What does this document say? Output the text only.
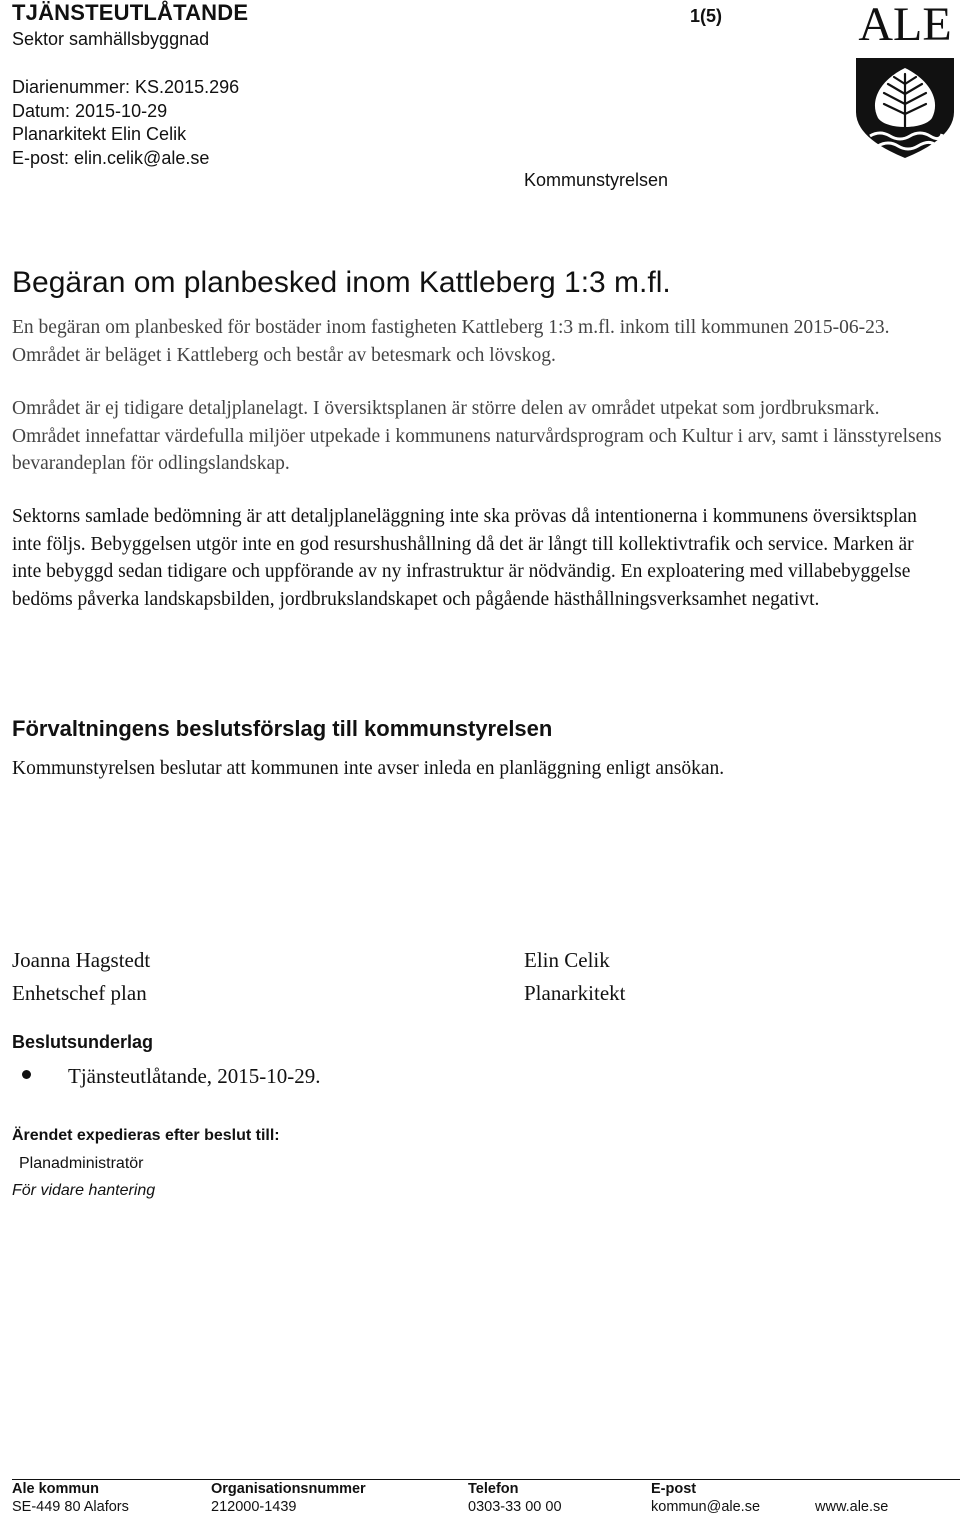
TJÄNSTEUTLÅTANDE
Sektor samhällsbyggnad
Diarienummer: KS.2015.296
Datum: 2015-10-29
Planarkitekt Elin Celik
E-post: elin.celik@ale.se
1(5)
Kommunstyrelsen
ALE
Begäran om planbesked inom Kattleberg 1:3 m.fl.
En begäran om planbesked för bostäder inom fastigheten Kattleberg 1:3 m.fl. inkom till kommunen 2015-06-23. Området är beläget i Kattleberg och består av betesmark och lövskog.
Området är ej tidigare detaljplanelagt. I översiktsplanen är större delen av området utpekat som jordbruksmark. Området innefattar värdefulla miljöer utpekade i kommunens naturvårdsprogram och Kultur i arv, samt i länsstyrelsens bevarandeplan för odlingslandskap.
Sektorns samlade bedömning är att detaljplaneläggning inte ska prövas då intentionerna i kommunens översiktsplan inte följs. Bebyggelsen utgör inte en god resurshushållning då det är långt till kollektivtrafik och service. Marken är inte bebyggd sedan tidigare och uppförande av ny infrastruktur är nödvändig. En exploatering med villabebyggelse bedöms påverka landskapsbilden, jordbrukslandskapet och pågående hästhållningsverksamhet negativt.
Förvaltningens beslutsförslag till kommunstyrelsen
Kommunstyrelsen beslutar att kommunen inte avser inleda en planläggning enligt ansökan.
Joanna Hagstedt
Enhetschef plan
Elin Celik
Planarkitekt
Beslutsunderlag
Tjänsteutlåtande, 2015-10-29.
Ärendet expedieras efter beslut till:
Planadministratör
För vidare hantering
Ale kommun
SE-449 80 Alafors
Organisationsnummer
212000-1439
Telefon
0303-33 00 00
E-post
kommun@ale.se	www.ale.se
